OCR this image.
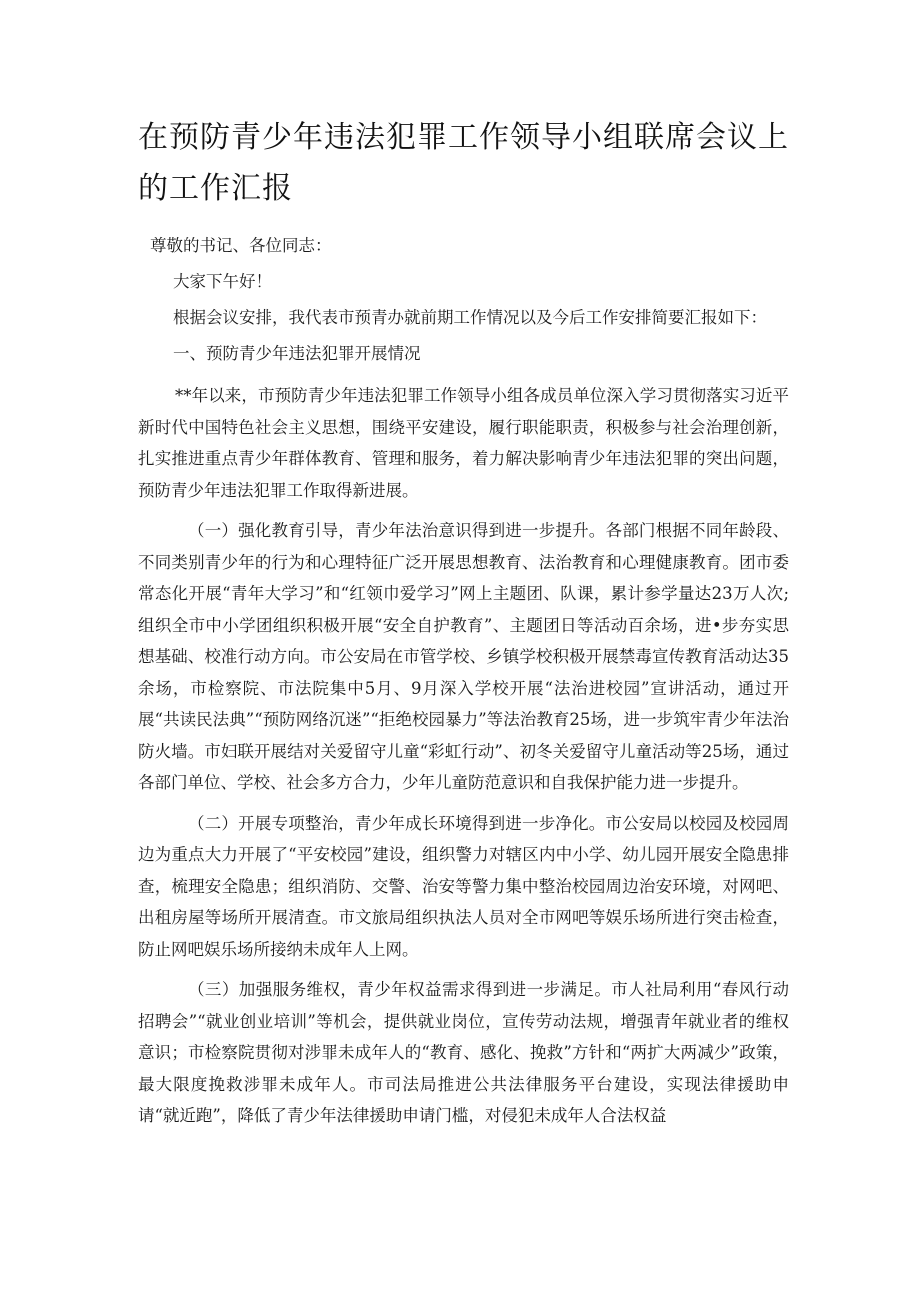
在预防青少年违法犯罪工作领导小组联席会议上的工作汇报

尊敬的书记、各位同志：

大家下午好！

根据会议安排，我代表市预青办就前期工作情况以及今后工作安排简要汇报如下：

一、预防青少年违法犯罪开展情况

**年以来，市预防青少年违法犯罪工作领导小组各成员单位深入学习贯彻落实习近平新时代中国特色社会主义思想，围绕平安建设，履行职能职责，积极参与社会治理创新，扎实推进重点青少年群体教育、管理和服务，着力解决影响青少年违法犯罪的突出问题，预防青少年违法犯罪工作取得新进展。

（一）强化教育引导，青少年法治意识得到进一步提升。各部门根据不同年龄段、不同类别青少年的行为和心理特征广泛开展思想教育、法治教育和心理健康教育。团市委常态化开展“青年大学习”和“红领巾爱学习”网上主题团、队课，累计参学量达23万人次;组织全市中小学团组织积极开展“安全自护教育”、主题团日等活动百余场，进•步夯实思想基础、校准行动方向。市公安局在市管学校、乡镇学校积极开展禁毒宣传教育活动达35余场，市检察院、市法院集中5月、9月深入学校开展“法治进校园”宣讲活动，通过开展“共读民法典”“预防网络沉迷”“拒绝校园暴力”等法治教育25场，进一步筑牢青少年法治防火墙。市妇联开展结对关爱留守儿童“彩虹行动”、初冬关爱留守儿童活动等25场，通过各部门单位、学校、社会多方合力，少年儿童防范意识和自我保护能力进一步提升。

（二）开展专项整治，青少年成长环境得到进一步净化。市公安局以校园及校园周边为重点大力开展了“平安校园”建设，组织警力对辖区内中小学、幼儿园开展安全隐患排查，梳理安全隐患；组织消防、交警、治安等警力集中整治校园周边治安环境，对网吧、出租房屋等场所开展清查。市文旅局组织执法人员对全市网吧等娱乐场所进行突击检查，防止网吧娱乐场所接纳未成年人上网。

（三）加强服务维权，青少年权益需求得到进一步满足。市人社局利用“春风行动招聘会”“就业创业培训”等机会，提供就业岗位，宣传劳动法规，增强青年就业者的维权意识；市检察院贯彻对涉罪未成年人的“教育、感化、挽救”方针和“两扩大两减少”政策，最大限度挽救涉罪未成年人。市司法局推进公共法律服务平台建设，实现法律援助申请“就近跑”，降低了青少年法律援助申请门槛，对侵犯未成年人合法权益
